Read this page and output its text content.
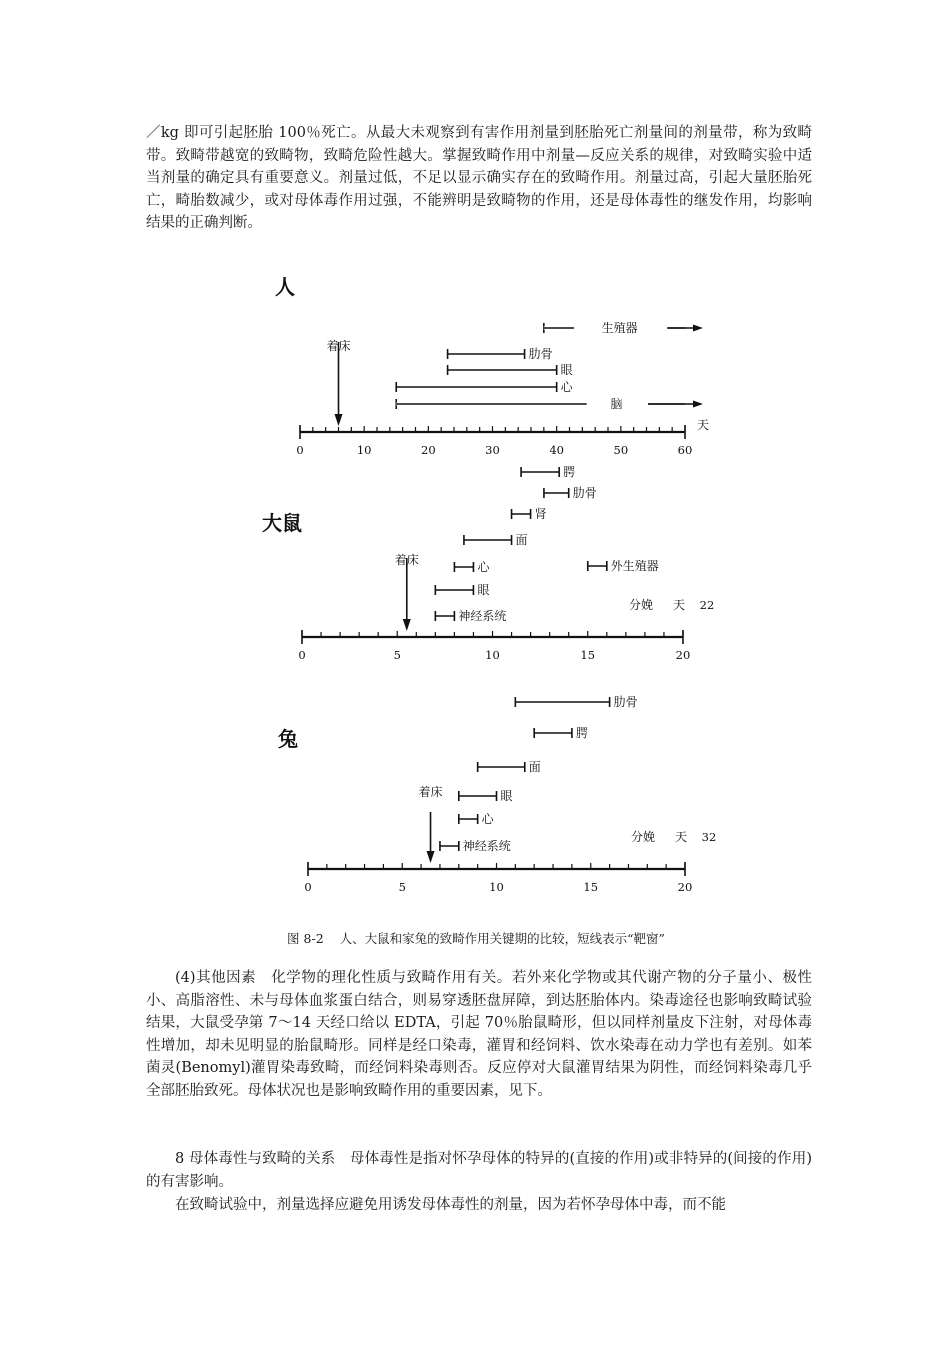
／kg 即可引起胚胎 100％死亡。从最大未观察到有害作用剂量到胚胎死亡剂量间的剂量带，称为致畸带。致畸带越宽的致畸物，致畸危险性越大。掌握致畸作用中剂量—反应关系的规律，对致畸实验中适当剂量的确定具有重要意义。剂量过低，不足以显示确实存在的致畸作用。剂量过高，引起大量胚胎死亡，畸胎数减少，或对母体毒作用过强，不能辨明是致畸物的作用，还是母体毒性的继发作用，均影响结果的正确判断。

人
0	10	20	30	40	50	60
天
着床
生殖器
肋骨
眼
心
脑
大鼠
0	5	10	15	20
天
分娩	22
着床
腭
肋骨
肾
面
心	外生殖器
眼
神经系统
兔
0	5	10	15	20
天
分娩	32
着床
肋骨
腭
面
眼
心
神经系统
图 8-2 人、大鼠和家兔的致畸作用关键期的比较，短线表示“靶窗”

(4)其他因素　化学物的理化性质与致畸作用有关。若外来化学物或其代谢产物的分子量小、极性小、高脂溶性、未与母体血浆蛋白结合，则易穿透胚盘屏障，到达胚胎体内。染毒途径也影响致畸试验结果，大鼠受孕第 7～14 天经口给以 EDTA，引起 70％胎鼠畸形，但以同样剂量皮下注射，对母体毒性增加，却未见明显的胎鼠畸形。同样是经口染毒，灌胃和经饲料、饮水染毒在动力学也有差别。如苯菌灵(Benomyl)灌胃染毒致畸，而经饲料染毒则否。反应停对大鼠灌胃结果为阴性，而经饲料染毒几乎全部胚胎致死。母体状况也是影响致畸作用的重要因素，见下。

8 母体毒性与致畸的关系　母体毒性是指对怀孕母体的特异的(直接的作用)或非特异的(间接的作用)的有害影响。

在致畸试验中，剂量选择应避免用诱发母体毒性的剂量，因为若怀孕母体中毒，而不能
